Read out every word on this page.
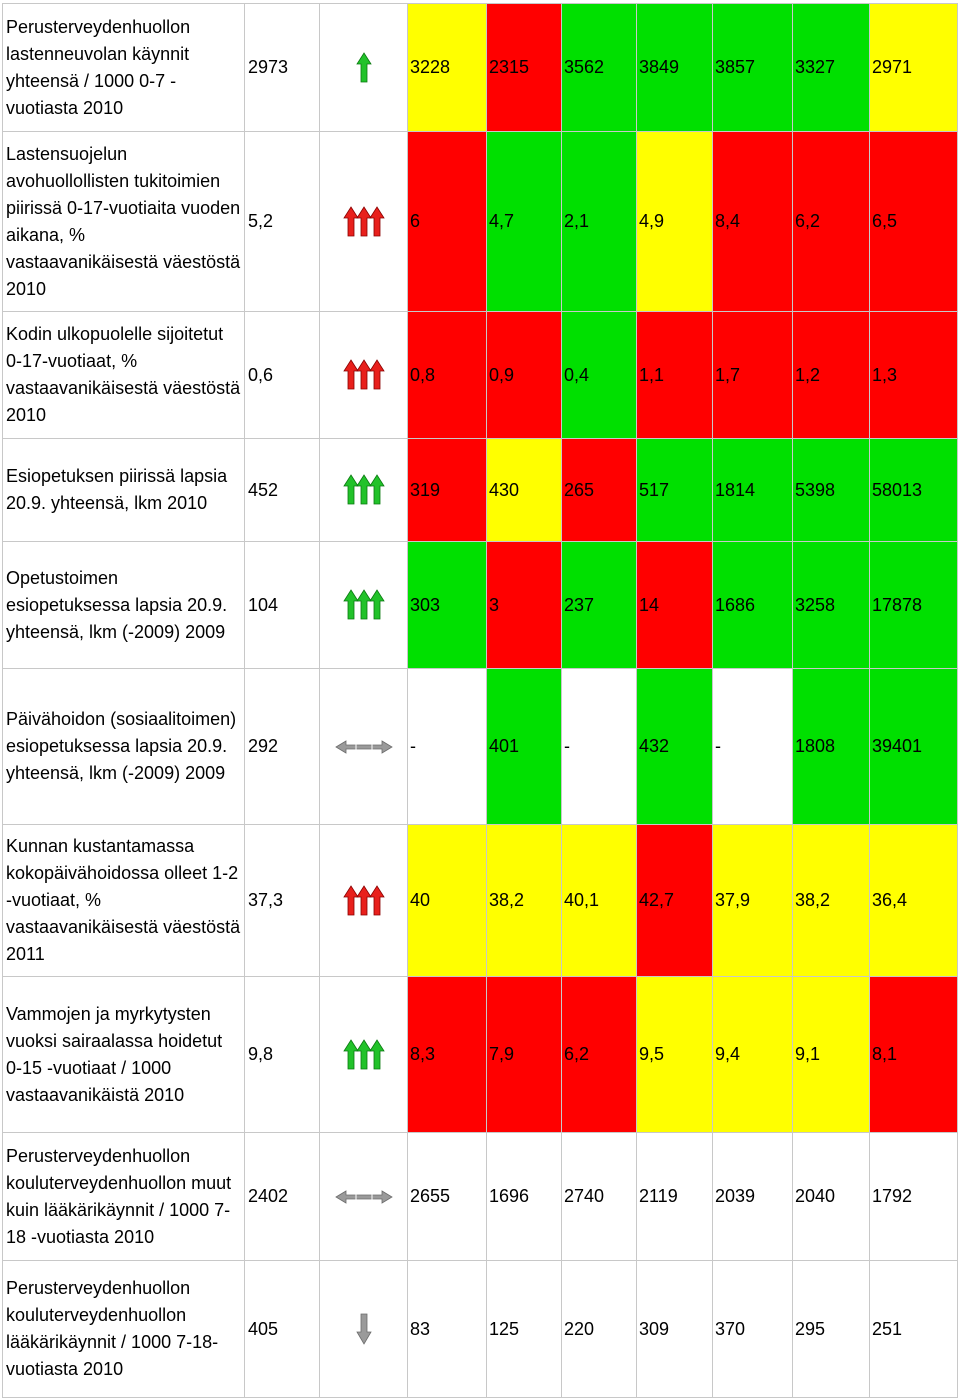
Perusterveydenhuollon lastenneuvolan käynnit yhteensä / 1000 0-7 -vuotiasta 2010	2973		3228	2315	3562	3849	3857	3327	2971
Lastensuojelun avohuollollisten tukitoimien piirissä 0-17-vuotiaita vuoden aikana, % vastaavanikäisestä väestöstä 2010	5,2		6	4,7	2,1	4,9	8,4	6,2	6,5
Kodin ulkopuolelle sijoitetut 0-17-vuotiaat, % vastaavanikäisestä väestöstä 2010	0,6		0,8	0,9	0,4	1,1	1,7	1,2	1,3
Esiopetuksen piirissä lapsia 20.9. yhteensä, lkm 2010	452		319	430	265	517	1814	5398	58013
Opetustoimen esiopetuksessa lapsia 20.9. yhteensä, lkm (-2009) 2009	104		303	3	237	14	1686	3258	17878
Päivähoidon (sosiaalitoimen) esiopetuksessa lapsia 20.9. yhteensä, lkm (-2009) 2009	292		-	401	-	432	-	1808	39401
Kunnan kustantamassa kokopäivähoidossa olleet 1-2 -vuotiaat, % vastaavanikäisestä väestöstä 2011	37,3		40	38,2	40,1	42,7	37,9	38,2	36,4
Vammojen ja myrkytysten vuoksi sairaalassa hoidetut 0-15 -vuotiaat / 1000 vastaavanikäistä 2010	9,8		8,3	7,9	6,2	9,5	9,4	9,1	8,1
Perusterveydenhuollon kouluterveydenhuollon muut kuin lääkärikäynnit / 1000 7-18 -vuotiasta 2010	2402		2655	1696	2740	2119	2039	2040	1792
Perusterveydenhuollon kouluterveydenhuollon lääkärikäynnit / 1000 7-18-vuotiasta 2010	405		83	125	220	309	370	295	251
